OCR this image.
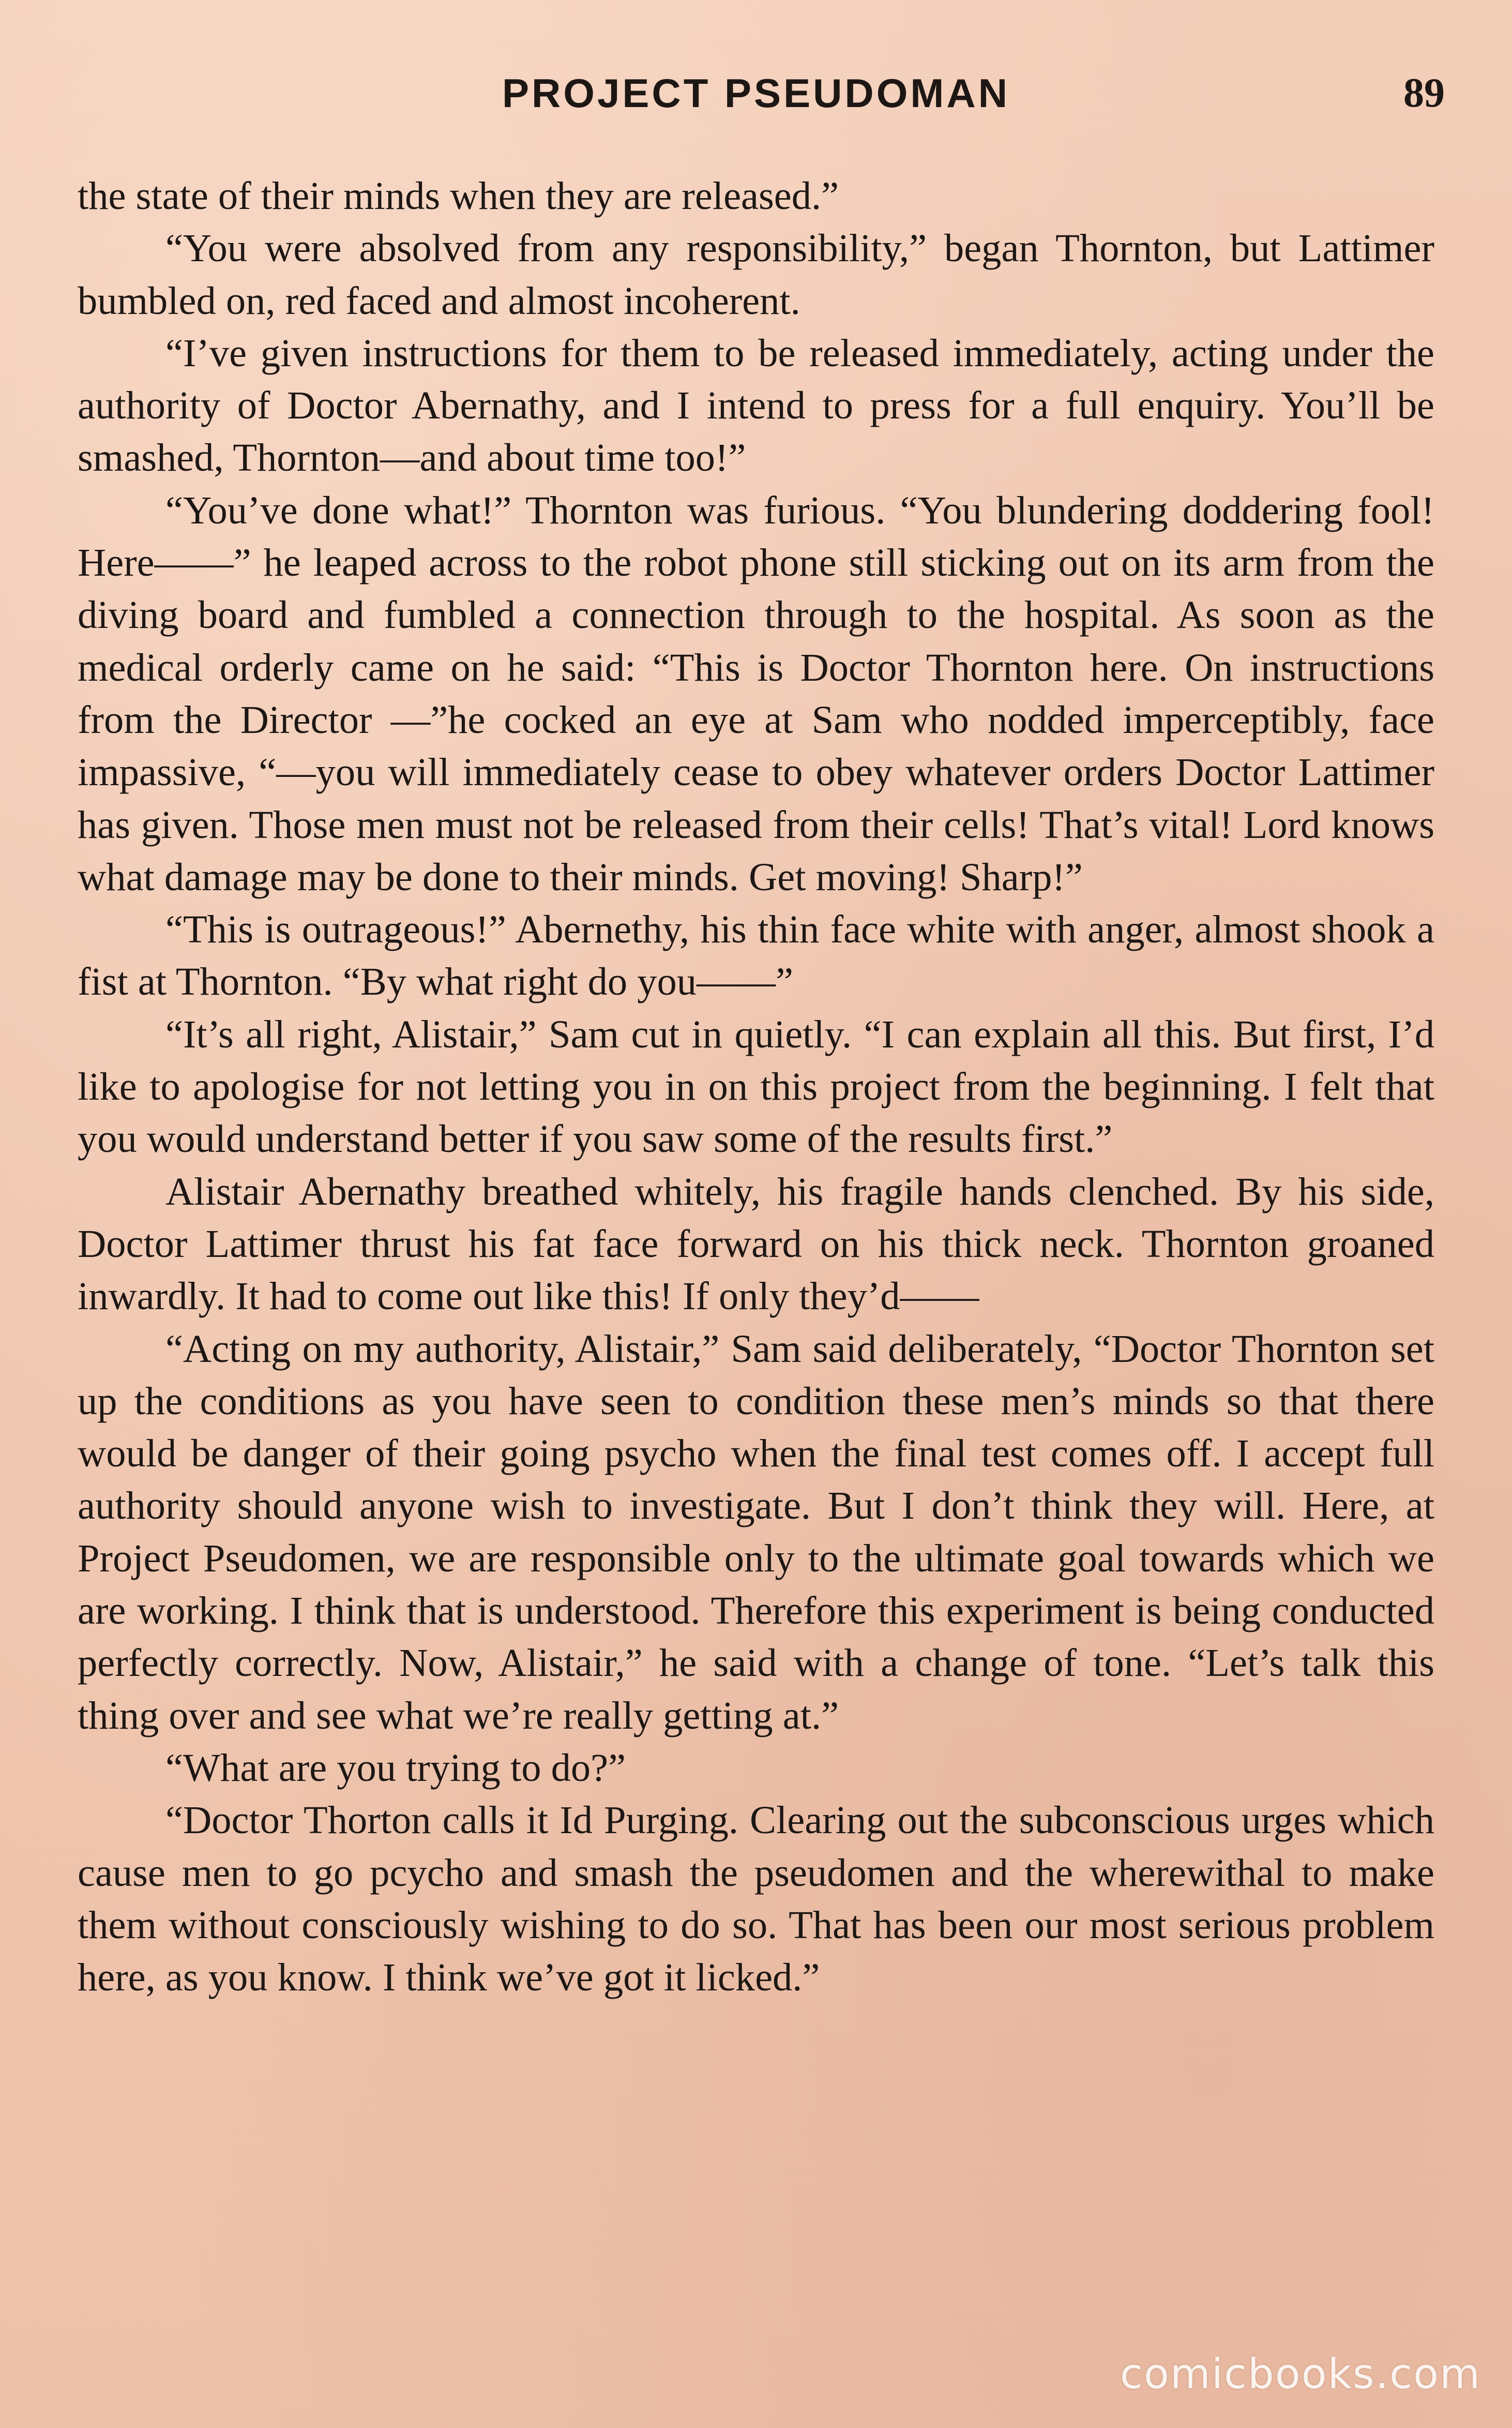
PROJECT PSEUDOMAN	89

the state of their minds when they are released.”

“You were absolved from any responsibility,” began Thornton, but Lattimer bumbled on, red faced and almost incoherent.

“I’ve given instructions for them to be released immediately, acting under the authority of Doctor Abernathy, and I intend to press for a full enquiry. You’ll be smashed, Thornton—and about time too!”

“You’ve done what!” Thornton was furious. “You blundering doddering fool! Here——” he leaped across to the robot phone still sticking out on its arm from the diving board and fumbled a connection through to the hospital. As soon as the medical orderly came on he said: “This is Doctor Thornton here. On instructions from the Director —”he cocked an eye at Sam who nodded imperceptibly, face impassive, “—you will immediately cease to obey whatever orders Doctor Lattimer has given. Those men must not be released from their cells! That’s vital! Lord knows what damage may be done to their minds. Get moving! Sharp!”

“This is outrageous!” Abernethy, his thin face white with anger, almost shook a fist at Thornton. “By what right do you——”

“It’s all right, Alistair,” Sam cut in quietly. “I can explain all this. But first, I’d like to apologise for not letting you in on this project from the beginning. I felt that you would understand better if you saw some of the results first.”

Alistair Abernathy breathed whitely, his fragile hands clenched. By his side, Doctor Lattimer thrust his fat face forward on his thick neck. Thornton groaned inwardly. It had to come out like this! If only they’d——

“Acting on my authority, Alistair,” Sam said deliberately, “Doctor Thornton set up the conditions as you have seen to condition these men’s minds so that there would be danger of their going psycho when the final test comes off. I accept full authority should anyone wish to investigate. But I don’t think they will. Here, at Project Pseudomen, we are responsible only to the ultimate goal towards which we are working. I think that is understood. Therefore this experiment is being conducted perfectly correctly. Now, Alistair,” he said with a change of tone. “Let’s talk this thing over and see what we’re really getting at.”

“What are you trying to do?”

“Doctor Thorton calls it Id Purging. Clearing out the subconscious urges which cause men to go pcycho and smash the pseudomen and the wherewithal to make them without consciously wishing to do so. That has been our most serious problem here, as you know. I think we’ve got it licked.”

comicbooks.com
